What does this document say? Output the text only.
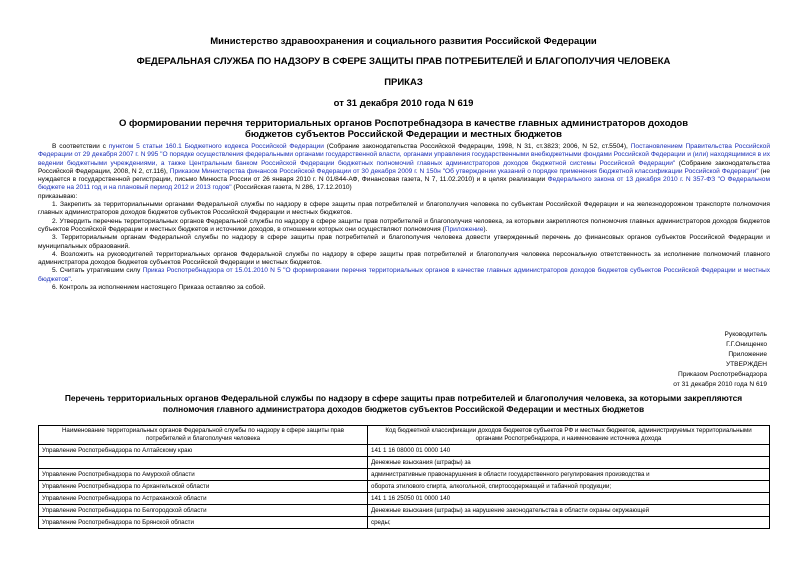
Министерство здравоохранения и социального развития Российской Федерации
ФЕДЕРАЛЬНАЯ СЛУЖБА ПО НАДЗОРУ В СФЕРЕ ЗАЩИТЫ ПРАВ ПОТРЕБИТЕЛЕЙ И БЛАГОПОЛУЧИЯ ЧЕЛОВЕКА
ПРИКАЗ
от 31 декабря 2010 года N 619
О формировании перечня территориальных органов Роспотребнадзора в качестве главных администраторов доходов бюджетов субъектов Российской Федерации и местных бюджетов

В соответствии с пунктом 5 статьи 160.1 Бюджетного кодекса Российской Федерации (Собрание законодательства Российской Федерации, 1998, N 31, ст.3823; 2006, N 52, ст.5504), Постановлением Правительства Российской Федерации от 29 декабря 2007 г. N 995 "О порядке осуществления федеральными органами государственной власти, органами управления государственными внебюджетными фондами Российской Федерации и (или) находящимися в их ведении бюджетными учреждениями, а также Центральным банком Российской Федерации бюджетных полномочий главных администраторов доходов бюджетной системы Российской Федерации" (Собрание законодательства Российской Федерации, 2008, N 2, ст.116), Приказом Министерства финансов Российской Федерации от 30 декабря 2009 г. N 150н "Об утверждении указаний о порядке применения бюджетной классификации Российской Федерации" (не нуждается в государственной регистрации, письмо Минюста России от 26 января 2010 г. N 01/844-АФ, Финансовая газета, N 7, 11.02.2010) и в целях реализации Федерального закона от 13 декабря 2010 г. N 357-ФЗ "О Федеральном бюджете на 2011 год и на плановый период 2012 и 2013 годов" (Российская газета, N 286, 17.12.2010)
приказываю:

1. Закрепить за территориальными органами Федеральной службы по надзору в сфере защиты прав потребителей и благополучия человека по субъектам Российской Федерации и на железнодорожном транспорте полномочия главных администраторов доходов бюджетов субъектов Российской Федерации и местных бюджетов.

2. Утвердить перечень территориальных органов Федеральной службы по надзору в сфере защиты прав потребителей и благополучия человека, за которыми закрепляются полномочия главных администраторов доходов бюджетов субъектов Российской Федерации и местных бюджетов и источники доходов, в отношении которых они осуществляют полномочия (Приложение).

3. Территориальным органам Федеральной службы по надзору в сфере защиты прав потребителей и благополучия человека довести утвержденный перечень до финансовых органов субъектов Российской Федерации и муниципальных образований.

4. Возложить на руководителей территориальных органов Федеральной службы по надзору в сфере защиты прав потребителей и благополучия человека персональную ответственность за исполнение полномочий главного администратора доходов бюджетов субъектов Российской Федерации и местных бюджетов.

5. Считать утратившим силу Приказ Роспотребнадзора от 15.01.2010 N 5 "О формировании перечня территориальных органов в качестве главных администраторов доходов бюджетов субъектов Российской Федерации и местных бюджетов".

6. Контроль за исполнением настоящего Приказа оставляю за собой.

Руководитель
Г.Г.Онищенко
Приложение
УТВЕРЖДЕН
Приказом Роспотребнадзора
от 31 декабря 2010 года N 619
Перечень территориальных органов Федеральной службы по надзору в сфере защиты прав потребителей и благополучия человека, за которыми закрепляются полномочия главного администратора доходов бюджетов субъектов Российской Федерации и местных бюджетов
Наименование территориальных органов Федеральной службы по надзору в сфере защиты прав потребителей и благополучия человека	Код бюджетной классификации доходов бюджетов субъектов РФ и местных бюджетов, администрируемых территориальными органами Роспотребнадзора, и наименование источника дохода
Управление Роспотребнадзора по Алтайскому краю	141 1 16 08000 01 0000 140
	Денежные взыскания (штрафы) за
Управление Роспотребнадзора по Амурской области	административные правонарушения в области государственного регулирования производства и
Управление Роспотребнадзора по Архангельской области	оборота этилового спирта, алкогольной, спиртосодержащей и табачной продукции;
Управление Роспотребнадзора по Астраханской области	141 1 16 25050 01 0000 140
Управление Роспотребнадзора по Белгородской области	Денежные взыскания (штрафы) за нарушение законодательства в области охраны окружающей
Управление Роспотребнадзора по Брянской области	среды;
